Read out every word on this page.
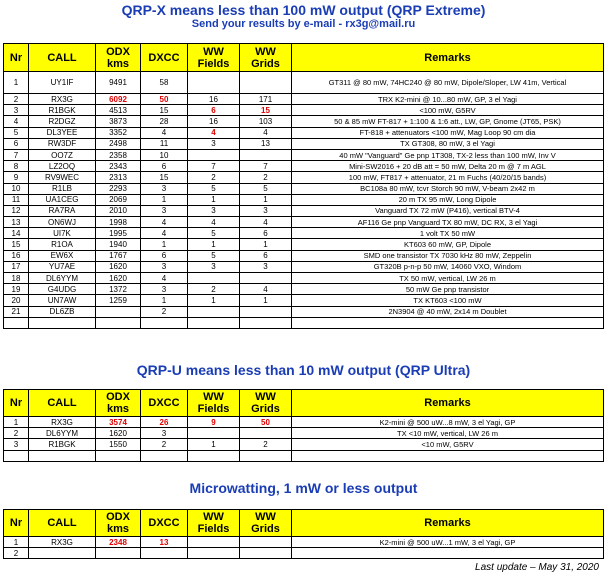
QRP-X means less than 100 mW output (QRP Extreme)
Send your results by e-mail - rx3g@mail.ru
Nr	CALL	ODX kms	DXCC	WW Fields	WW Grids	Remarks
1	UY1IF	9491	58			GT311 @ 80 mW, 74HC240 @ 80 mW, Dipole/Sloper, LW 41m, Vertical
2	RX3G	6092	50	16	171	TRX K2-mini @ 10...80 mW, GP, 3 el Yagi
3	R1BGK	4513	15	6	15	<100 mW, G5RV
4	R2DGZ	3873	28	16	103	50 & 85 mW FT-817 + 1:100 & 1:6 att., LW, GP, Gnome (JT65, PSK)
5	DL3YEE	3352	4	4	4	FT-818 + attenuators <100 mW, Mag Loop 90 cm dia
6	RW3DF	2498	11	3	13	TX GT308, 80 mW, 3 el Yagi
7	OO7Z	2358	10			40 mW "Vanguard" Ge pnp 1T308, TX-2 less than 100 mW, Inv V
8	LZ2OQ	2343	6	7	7	Mini-SW2016 + 20 dB att = 50 mW, Delta 20 m @ 7 m AGL
9	RV9WEC	2313	15	2	2	100 mW, FT817 + attenuator, 21 m Fuchs (40/20/15 bands)
10	R1LB	2293	3	5	5	BC108a 80 mW, tcvr Storch 90 mW, V-beam 2x42 m
11	UA1CEG	2069	1	1	1	20 m TX 95 mW, Long Dipole
12	RA7RA	2010	3	3	3	Vanguard TX 72 mW (P416), vertical BTV-4
13	ON6WJ	1998	4	4	4	AF116 Ge pnp Vanguard TX 80 mW, DC RX, 3 el Yagi
14	UI7K	1995	4	5	6	1 volt TX 50 mW
15	R1OA	1940	1	1	1	KT603 60 mW, GP, Dipole
16	EW6X	1767	6	5	6	SMD one transistor TX 7030 kHz 80 mW, Zeppelin
17	YU7AE	1620	3	3	3	GT320B p-n-p 50 mW, 14060 VXO, Windom
18	DL6YYM	1620	4			TX 50 mW, vertical, LW 26 m
19	G4UDG	1372	3	2	4	50 mW Ge pnp transistor
20	UN7AW	1259	1	1	1	TX KT603 <100 mW
21	DL6ZB		2			2N3904 @ 40 mW, 2x14 m Doublet

QRP-U means less than 10 mW output (QRP Ultra)
Nr	CALL	ODX kms	DXCC	WW Fields	WW Grids	Remarks
1	RX3G	3574	26	9	50	K2-mini @ 500 uW...8 mW, 3 el Yagi, GP
2	DL6YYM	1620	3			TX <10 mW, vertical, LW 26 m
3	R1BGK	1550	2	1	2	<10 mW, G5RV

Microwatting, 1 mW or less output
Nr	CALL	ODX kms	DXCC	WW Fields	WW Grids	Remarks
1	RX3G	2348	13			K2-mini @ 500 uW...1 mW, 3 el Yagi, GP
2						
Last update – May 31, 2020
